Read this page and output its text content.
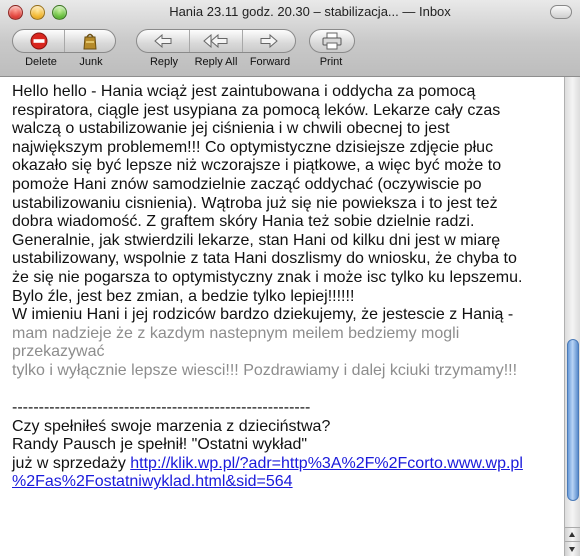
Hania 23.11 godz. 20.30 – stabilizacja... — Inbox
Delete	Junk	Reply	Reply All	Forward	Print
Hello hello - Hania wciąż jest zaintubowana i oddycha za pomocą
respiratora, ciągle jest usypiana za pomocą leków. Lekarze cały czas
walczą o ustabilizowanie jej ciśnienia i w chwili obecnej to jest
największym problemem!!! Co optymistyczne dzisiejsze zdjęcie płuc
okazało się być lepsze niż wczorajsze i piątkowe, a więc być może to
pomoże Hani znów samodzielnie zacząć oddychać (oczywiscie po
ustabilizowaniu cisnienia). Wątroba już się nie powieksza i to jest też
dobra wiadomość. Z graftem skóry Hania też sobie dzielnie radzi.
Generalnie, jak stwierdzili lekarze, stan Hani od kilku dni jest w miarę
ustabilizowany, wspolnie z tata Hani doszlismy do wniosku, że chyba to
że się nie pogarsza to optymistyczny znak i może isc tylko ku lepszemu.
Bylo źle, jest bez zmian, a bedzie tylko lepiej!!!!!!
W imieniu Hani i jej rodziców bardzo dziekujemy, że jestescie z Hanią -
mam nadzieje że z kazdym nastepnym meilem bedziemy mogli
przekazywać
tylko i wyłącznie lepsze wiesci!!! Pozdrawiamy i dalej kciuki trzymamy!!!
--------------------------------------------------------
Czy spełniłeś swoje marzenia z dzieciństwa?
Randy Pausch je spełnił! "Ostatni wykład"
już w sprzedaży http://klik.wp.pl/?adr=http%3A%2F%2Fcorto.www.wp.pl
%2Fas%2Fostatniwyklad.html&sid=564
